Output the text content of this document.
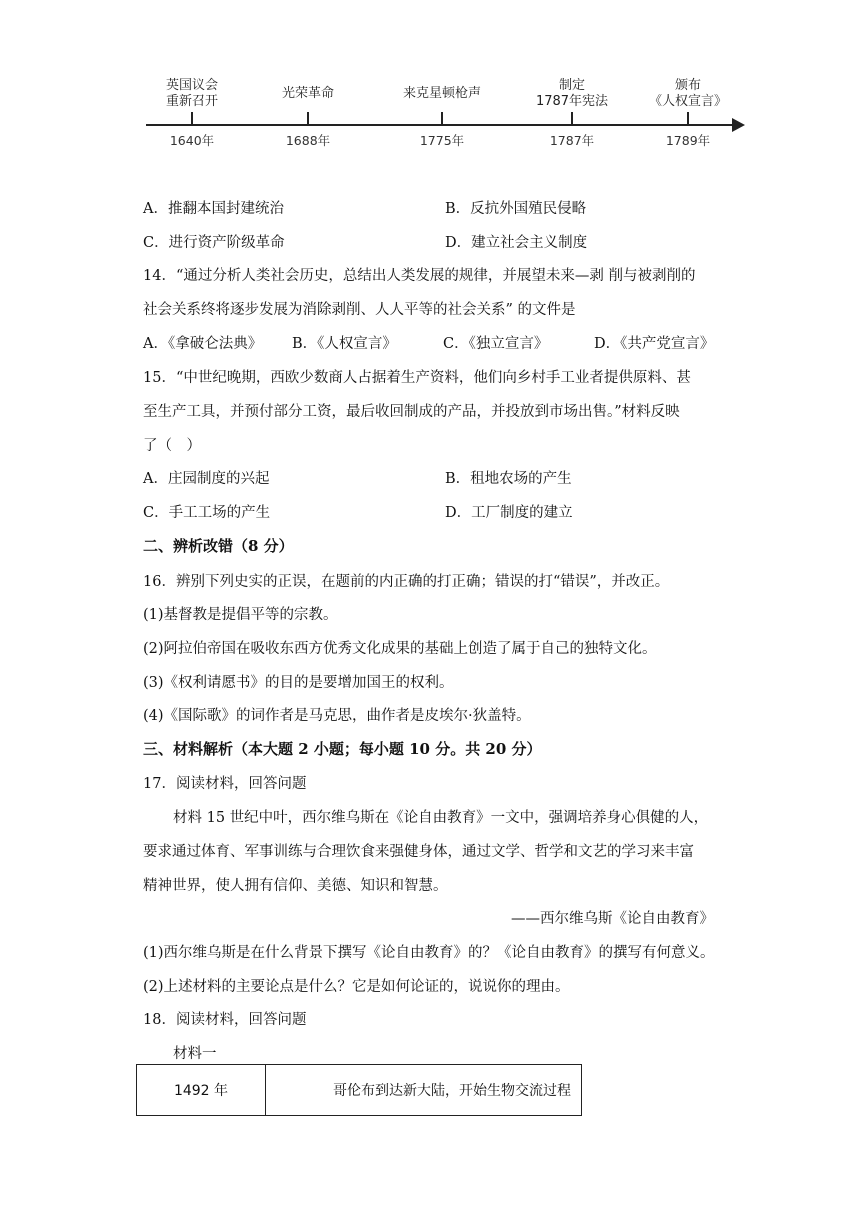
英国议会
重新召开
1640年
光荣革命
1688年
来克星顿枪声
1775年
制定
1787年宪法
1787年
颁布
《人权宣言》
1789年
A．推翻本国封建统治	B．反抗外国殖民侵略
C．进行资产阶级革命	D．建立社会主义制度
14．“通过分析人类社会历史，总结出人类发展的规律，并展望未来—剥 削与被剥削的
社会关系终将逐步发展为消除剥削、人人平等的社会关系” 的文件是
A．《拿破仑法典》 B．《人权宣言》	C．《独立宣言》	D．《共产党宣言》
15．“中世纪晚期，西欧少数商人占据着生产资料，他们向乡村手工业者提供原料、甚
至生产工具，并预付部分工资，最后收回制成的产品，并投放到市场出售。”材料反映
了（　）
A．庄园制度的兴起	B．租地农场的产生
C．手工工场的产生	D．工厂制度的建立
二、辨析改错（8 分）
16．辨别下列史实的正误，在题前的内正确的打正确；错误的打“错误”，并改正。
(1)基督教是提倡平等的宗教。
(2)阿拉伯帝国在吸收东西方优秀文化成果的基础上创造了属于自己的独特文化。
(3)《权利请愿书》的目的是要增加国王的权利。
(4)《国际歌》的词作者是马克思，曲作者是皮埃尔·狄盖特。
三、材料解析（本大题 2 小题；每小题 10 分。共 20 分）
17．阅读材料，回答问题
材料 15 世纪中叶，西尔维乌斯在《论自由教育》一文中，强调培养身心俱健的人，
要求通过体育、军事训练与合理饮食来强健身体，通过文学、哲学和文艺的学习来丰富
精神世界，使人拥有信仰、美德、知识和智慧。
——西尔维乌斯《论自由教育》
(1)西尔维乌斯是在什么背景下撰写《论自由教育》的？《论自由教育》的撰写有何意义。
(2)上述材料的主要论点是什么？它是如何论证的，说说你的理由。
18．阅读材料，回答问题
材料一
1492 年	哥伦布到达新大陆，开始生物交流过程
